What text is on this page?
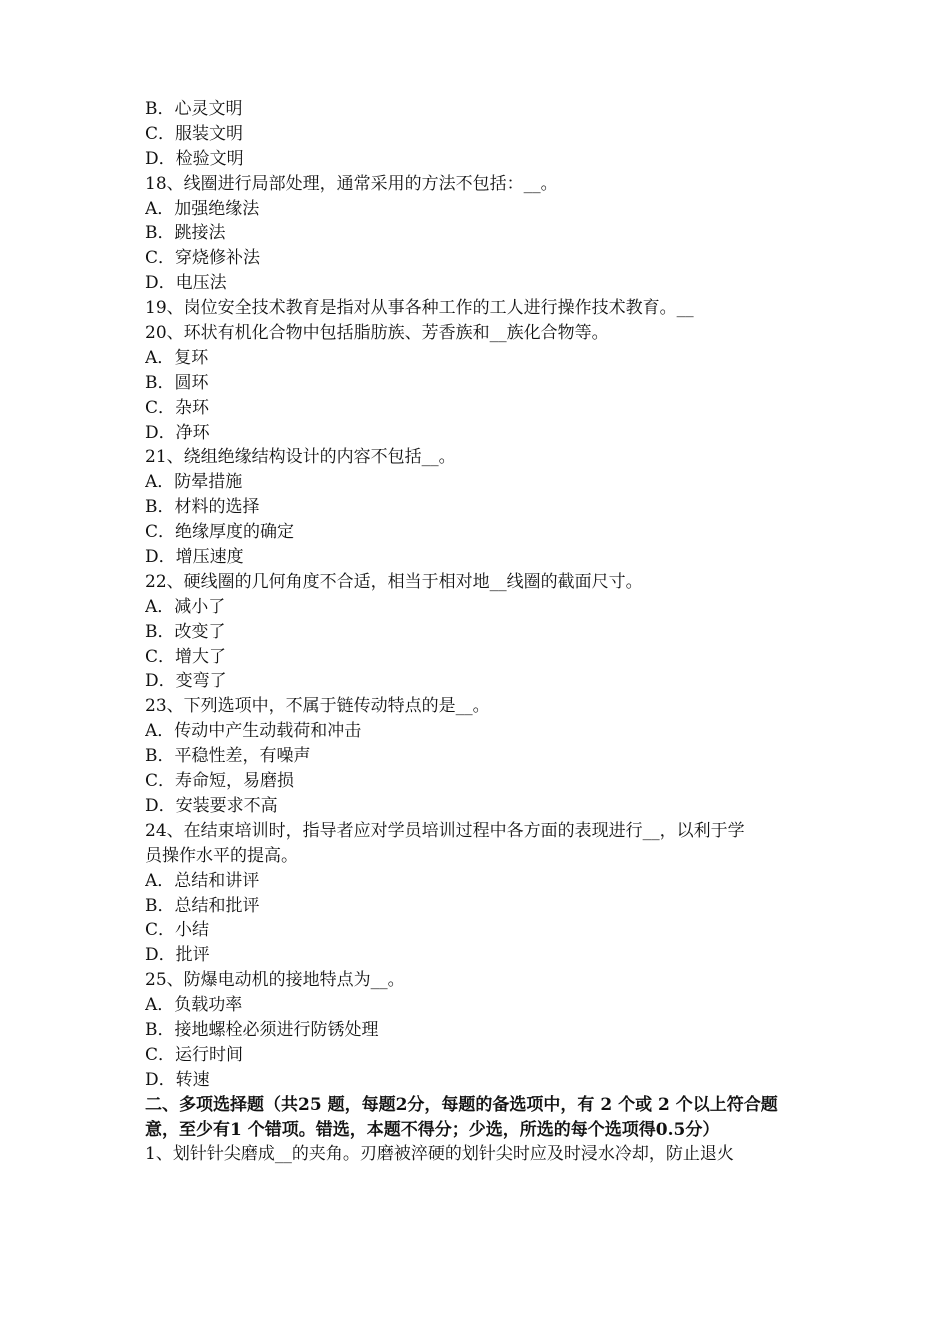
B．心灵文明
C．服装文明
D．检验文明
18、线圈进行局部处理，通常采用的方法不包括：__。
A．加强绝缘法
B．跳接法
C．穿烧修补法
D．电压法
19、岗位安全技术教育是指对从事各种工作的工人进行操作技术教育。__
20、环状有机化合物中包括脂肪族、芳香族和__族化合物等。
A．复环
B．圆环
C．杂环
D．净环
21、绕组绝缘结构设计的内容不包括__。
A．防晕措施
B．材料的选择
C．绝缘厚度的确定
D．增压速度
22、硬线圈的几何角度不合适，相当于相对地__线圈的截面尺寸。
A．减小了
B．改变了
C．增大了
D．变弯了
23、下列选项中，不属于链传动特点的是__。
A．传动中产生动载荷和冲击
B．平稳性差，有噪声
C．寿命短，易磨损
D．安装要求不高
24、在结束培训时，指导者应对学员培训过程中各方面的表现进行__，以利于学
员操作水平的提高。
A．总结和讲评
B．总结和批评
C．小结
D．批评
25、防爆电动机的接地特点为__。
A．负载功率
B．接地螺栓必须进行防锈处理
C．运行时间
D．转速
二、多项选择题（共25 题，每题2分，每题的备选项中，有 2 个或 2 个以上符合题意，至少有1 个错项。错选，本题不得分；少选，所选的每个选项得0.5分）
1、划针针尖磨成__的夹角。刃磨被淬硬的划针尖时应及时浸水冷却，防止退火
